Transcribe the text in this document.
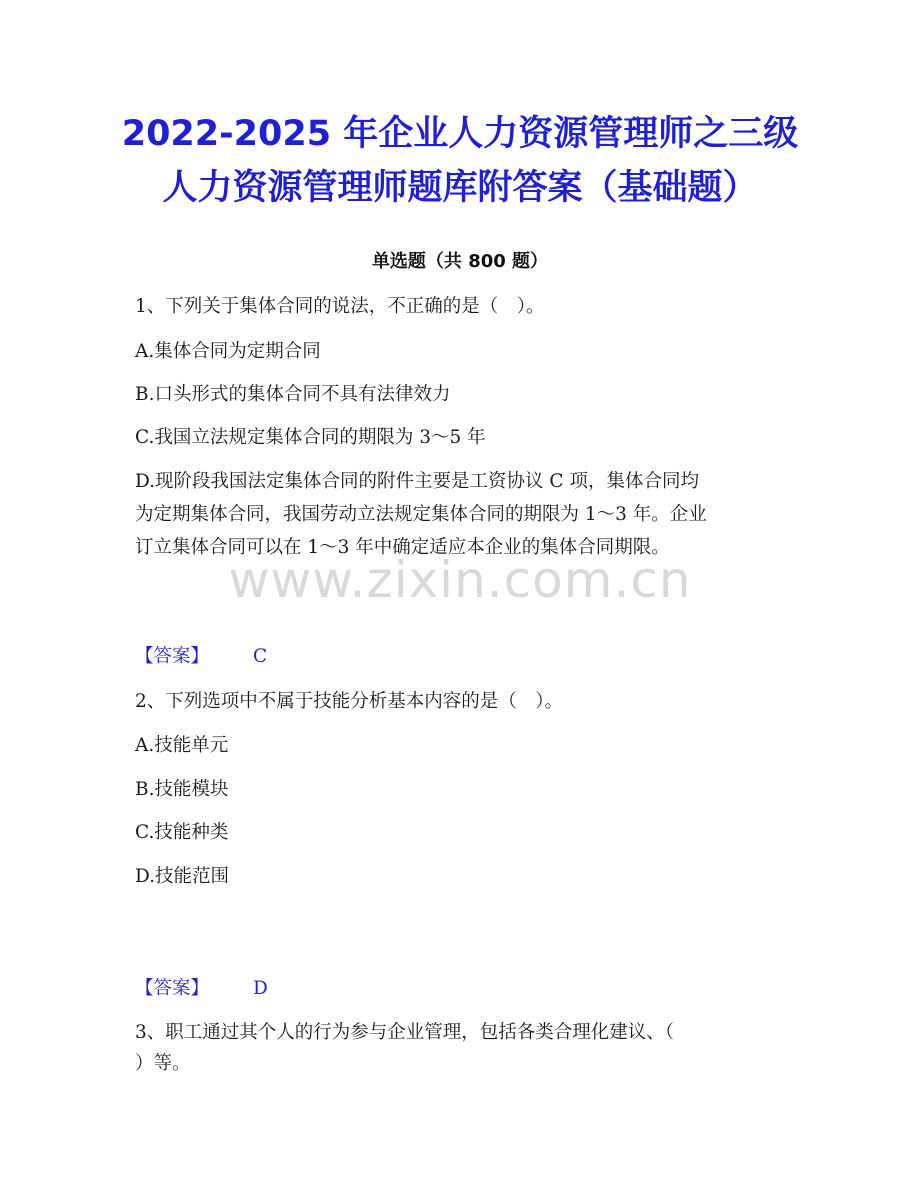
2022-2025 年企业人力资源管理师之三级
人力资源管理师题库附答案（基础题）
单选题（共 800 题）
1、下列关于集体合同的说法，不正确的是（　）。
A.集体合同为定期合同
B.口头形式的集体合同不具有法律效力
C.我国立法规定集体合同的期限为 3～5 年
D.现阶段我国法定集体合同的附件主要是工资协议 C 项，集体合同均
为定期集体合同，我国劳动立法规定集体合同的期限为 1～3 年。企业
订立集体合同可以在 1～3 年中确定适应本企业的集体合同期限。
www.zixin.com.cn
【答案】 C
2、下列选项中不属于技能分析基本内容的是（　）。
A.技能单元
B.技能模块
C.技能种类
D.技能范围
【答案】 D
3、职工通过其个人的行为参与企业管理，包括各类合理化建议、（
）等。
